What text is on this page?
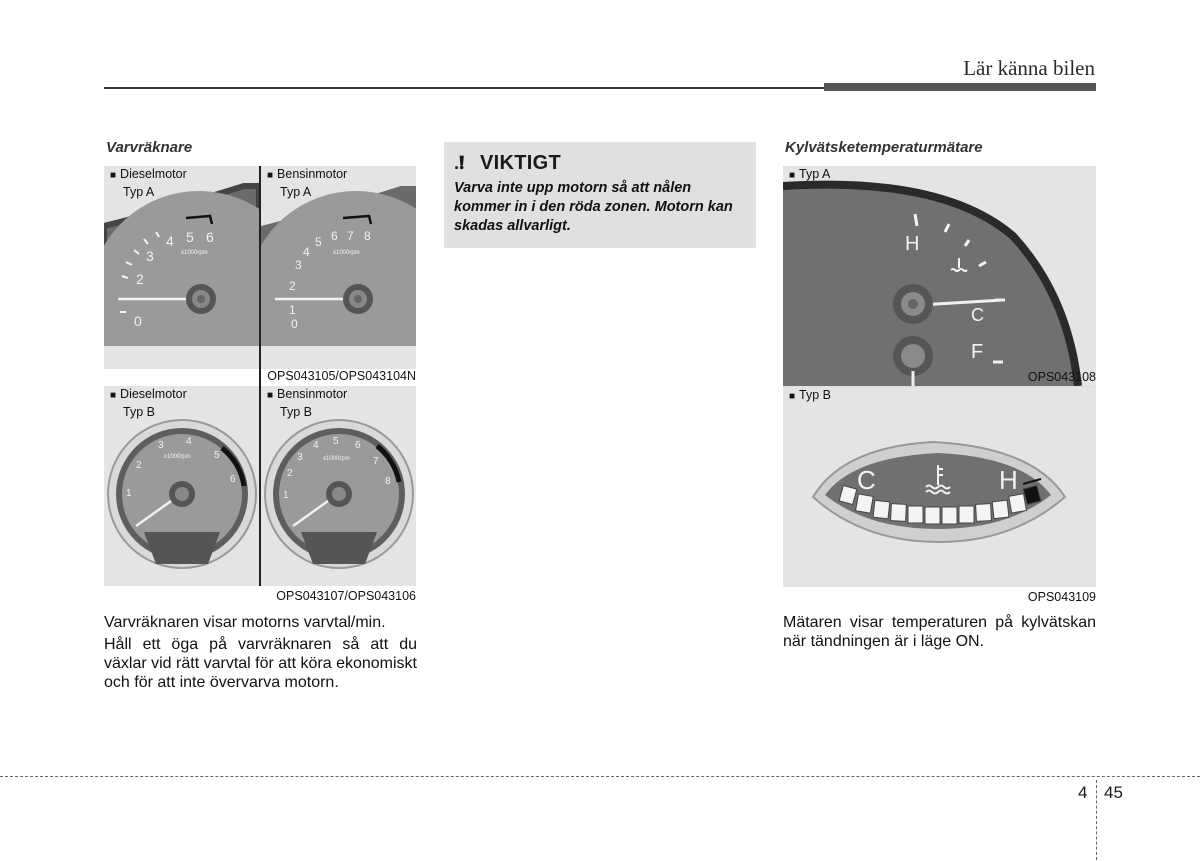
Lär känna bilen
Varvräknare
0
2
3
4 5 6
x1000rpm
■ Dieselmotor
Typ A
0
1
2
3
4
5 6 7 8
x1000rpm
■ Bensinmotor
Typ A
OPS043105/OPS043104N
1
2
3 4
5
6
x1000rpm
■ Dieselmotor
Typ B
1
2
3
4 5 6
7
8
x1000rpm
■ Bensinmotor
Typ B
OPS043107/OPS043106
Varvräknaren visar motorns varvtal/min.
Håll ett öga på varvräknaren så att du växlar vid rätt varvtal för att köra ekonomiskt och för att inte övervarva motorn.
.❗︎ VIKTIGT
Varva inte upp motorn så att nålen kommer in i den röda zonen. Motorn kan skadas allvarligt.
Kylvätsketemperaturmätare
H
C
F
■ Typ A
OPS043108
C	H
■ Typ B
OPS043109
Mätaren visar temperaturen på kylvätskan när tändningen är i läge ON.
4 45
